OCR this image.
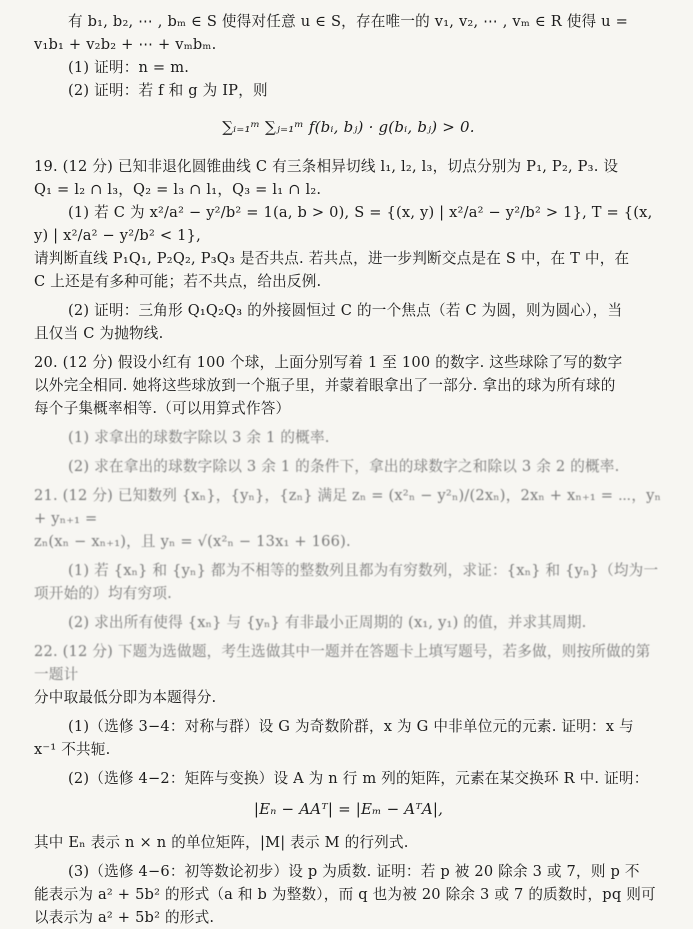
有 b₁, b₂, ⋯ , bₘ ∈ S 使得对任意 u ∈ S，存在唯一的 v₁, v₂, ⋯ , vₘ ∈ R 使得 u =

v₁b₁ + v₂b₂ + ⋯ + vₘbₘ.

(1) 证明：n = m.

(2) 证明：若 f 和 g 为 IP，则

∑ᵢ₌₁ᵐ ∑ⱼ₌₁ᵐ f(bᵢ, bⱼ) · g(bᵢ, bⱼ) > 0.

19. (12 分) 已知非退化圆锥曲线 C 有三条相异切线 l₁, l₂, l₃，切点分别为 P₁, P₂, P₃. 设

Q₁ = l₂ ∩ l₃，Q₂ = l₃ ∩ l₁，Q₃ = l₁ ∩ l₂.

(1) 若 C 为 x²/a² − y²/b² = 1(a, b > 0), S = {(x, y) | x²/a² − y²/b² > 1}, T = {(x, y) | x²/a² − y²/b² < 1},

请判断直线 P₁Q₁, P₂Q₂, P₃Q₃ 是否共点. 若共点，进一步判断交点是在 S 中，在 T 中，在

C 上还是有多种可能；若不共点，给出反例.

(2) 证明：三角形 Q₁Q₂Q₃ 的外接圆恒过 C 的一个焦点（若 C 为圆，则为圆心），当

且仅当 C 为抛物线.

20. (12 分) 假设小红有 100 个球，上面分别写着 1 至 100 的数字. 这些球除了写的数字

以外完全相同. 她将这些球放到一个瓶子里，并蒙着眼拿出了一部分. 拿出的球为所有球的

每个子集概率相等.（可以用算式作答）

(1) 求拿出的球数字除以 3 余 1 的概率.

(2) 求在拿出的球数字除以 3 余 1 的条件下，拿出的球数字之和除以 3 余 2 的概率.

21. (12 分) 已知数列 {xₙ}，{yₙ}，{zₙ} 满足 zₙ = (x²ₙ − y²ₙ)/(2xₙ)，2xₙ + xₙ₊₁ = ⋯，yₙ + yₙ₊₁ =

zₙ(xₙ − xₙ₊₁)，且 yₙ = √(x²ₙ − 13x₁ + 166).

(1) 若 {xₙ} 和 {yₙ} 都为不相等的整数列且都为有穷数列，求证：{xₙ} 和 {yₙ}（均为一

项开始的）均有穷项.

(2) 求出所有使得 {xₙ} 与 {yₙ} 有非最小正周期的 (x₁, y₁) 的值，并求其周期.

22. (12 分) 下题为选做题，考生选做其中一题并在答题卡上填写题号，若多做，则按所做的第一题计

分中取最低分即为本题得分.

(1)（选修 3−4：对称与群）设 G 为奇数阶群，x 为 G 中非单位元的元素. 证明：x 与

x⁻¹ 不共轭.

(2)（选修 4−2：矩阵与变换）设 A 为 n 行 m 列的矩阵，元素在某交换环 R 中. 证明：

|Eₙ − AAᵀ| = |Eₘ − AᵀA|,

其中 Eₙ 表示 n × n 的单位矩阵，|M| 表示 M 的行列式.

(3)（选修 4−6：初等数论初步）设 p 为质数. 证明：若 p 被 20 除余 3 或 7，则 p 不

能表示为 a² + 5b² 的形式（a 和 b 为整数），而 q 也为被 20 除余 3 或 7 的质数时，pq 则可

以表示为 a² + 5b² 的形式.
